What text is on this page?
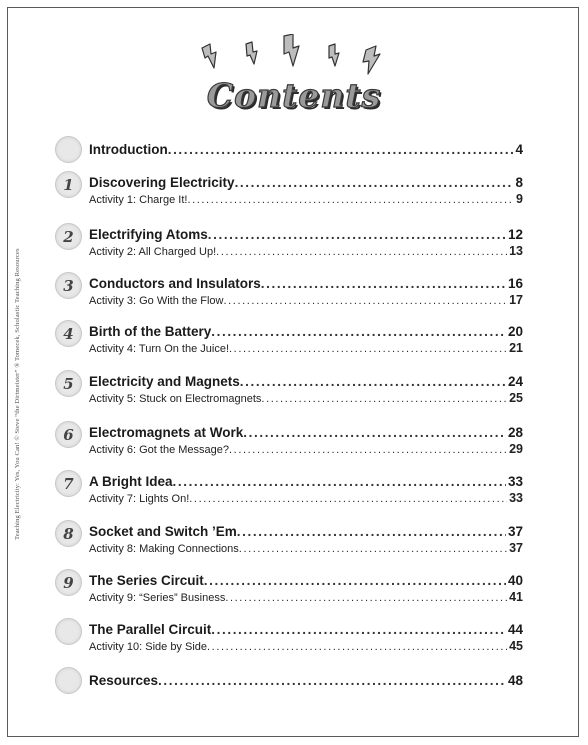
Teaching Electricity: Yes, You Can! © Steve “the Dirtmeister” ® Tomecek, Scholastic Teaching Resources
Contents
Introduction .....	4
1	Discovering Electricity .....	8
Activity 1: Charge It! .....	9
2	Electrifying Atoms .....	12
Activity 2: All Charged Up! .....	13
3	Conductors and Insulators .....	16
Activity 3: Go With the Flow .....	17
4	Birth of the Battery .....	20
Activity 4: Turn On the Juice! .....	21
5	Electricity and Magnets .....	24
Activity 5: Stuck on Electromagnets .....	25
6	Electromagnets at Work .....	28
Activity 6: Got the Message? .....	29
7	A Bright Idea .....	33
Activity 7: Lights On! .....	33
8	Socket and Switch ’Em .....	37
Activity 8: Making Connections .....	37
9	The Series Circuit .....	40
Activity 9: “Series” Business .....	41
The Parallel Circuit .....	44
Activity 10: Side by Side .....	45
Resources .....	48
